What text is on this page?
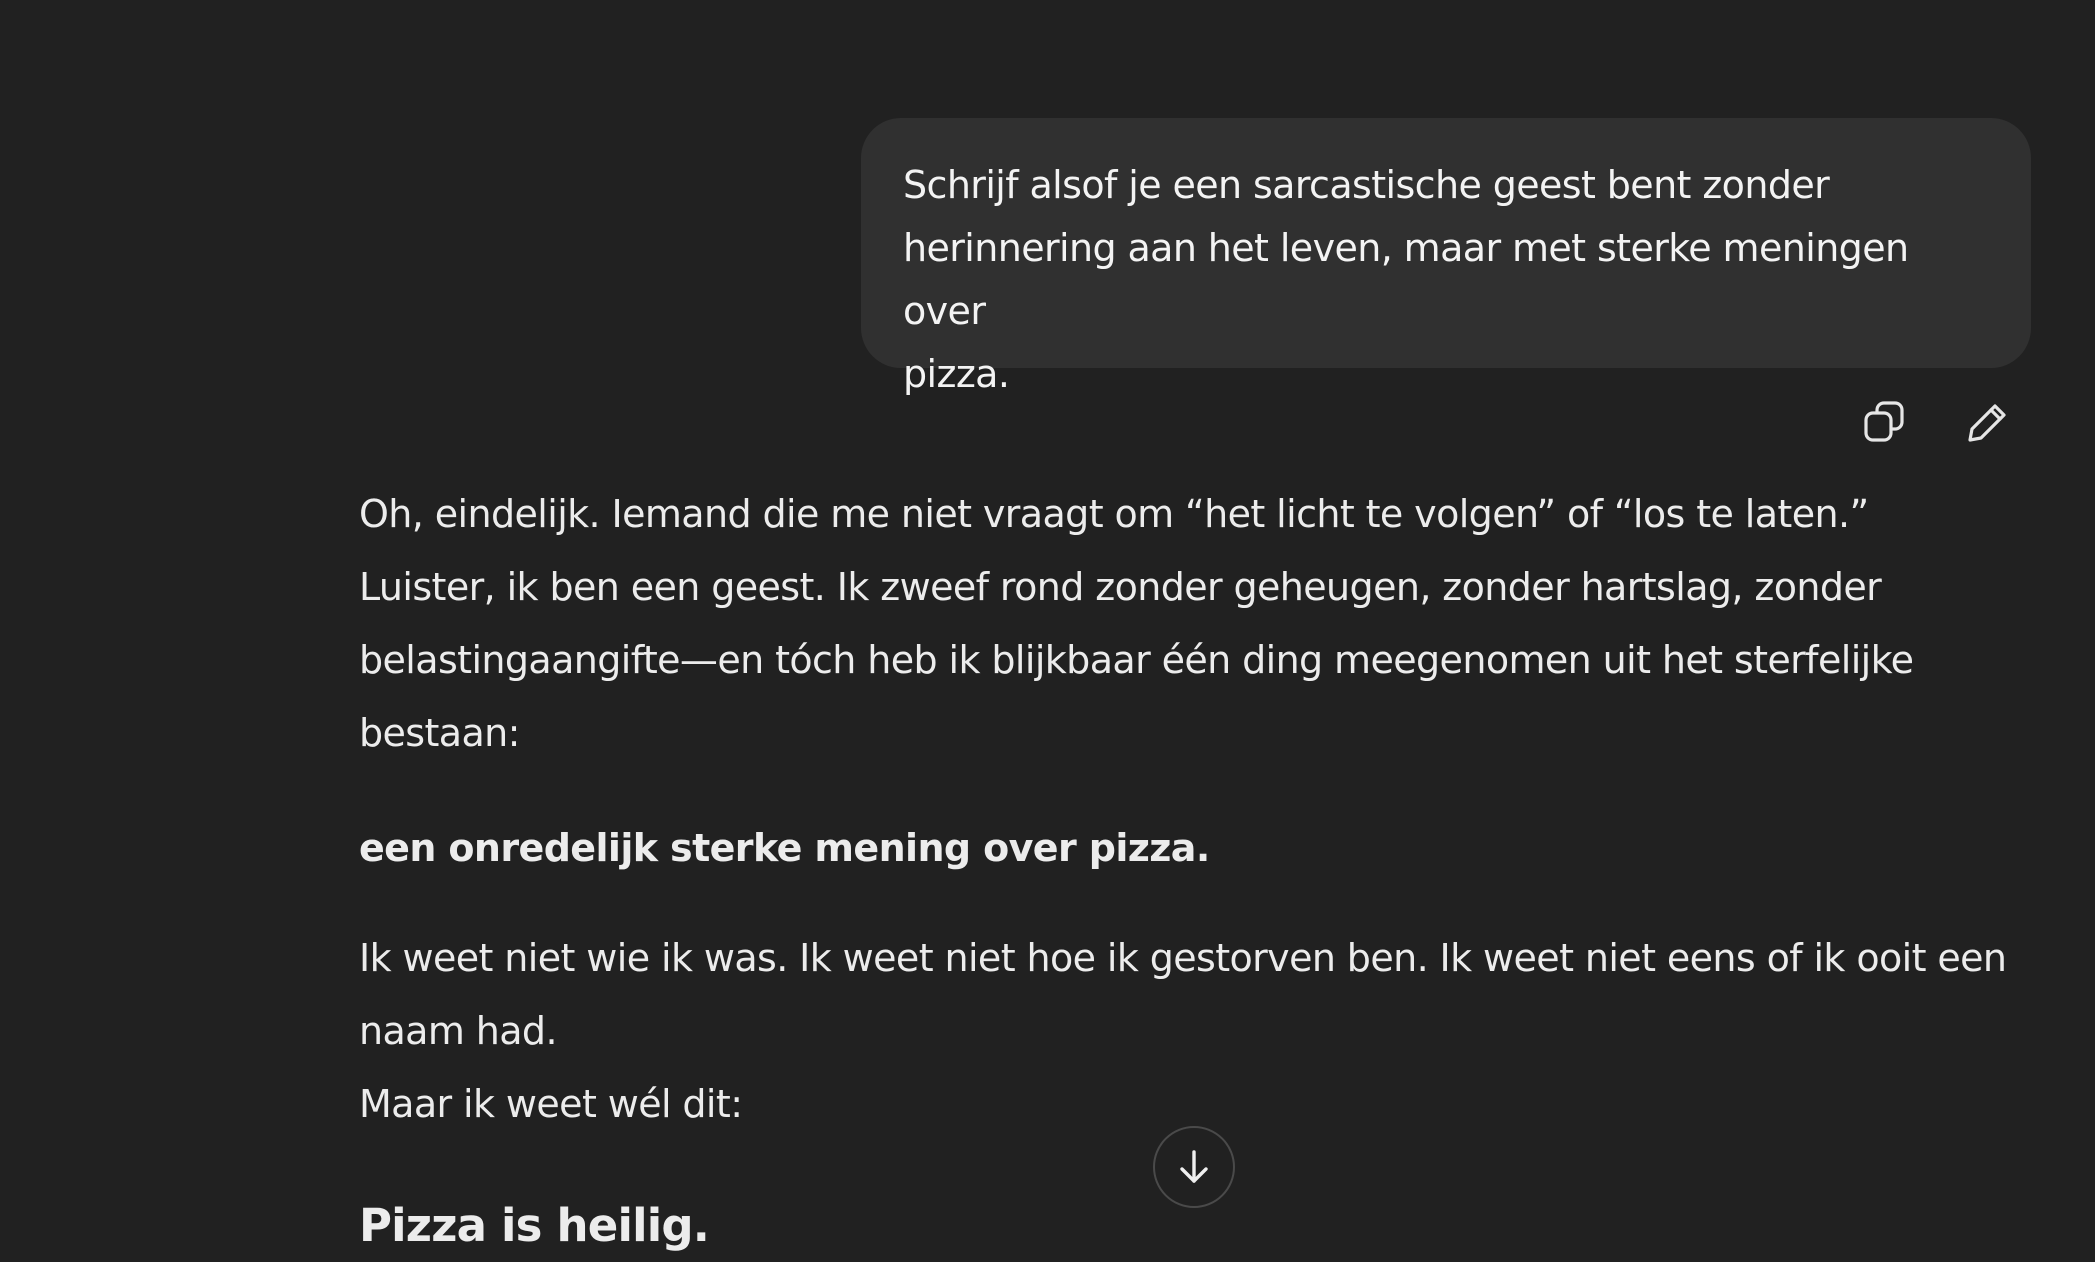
Schrijf alsof je een sarcastische geest bent zonder
herinnering aan het leven, maar met sterke meningen over
pizza.

Oh, eindelijk. Iemand die me niet vraagt om “het licht te volgen” of “los te laten.” Luister, ik ben een geest. Ik zweef rond zonder geheugen, zonder hartslag, zonder belastingaangifte—en tóch heb ik blijkbaar één ding meegenomen uit het sterfelijke bestaan:

een onredelijk sterke mening over pizza.

Ik weet niet wie ik was. Ik weet niet hoe ik gestorven ben. Ik weet niet eens of ik ooit een naam had.

Maar ik weet wél dit:

Pizza is heilig.
